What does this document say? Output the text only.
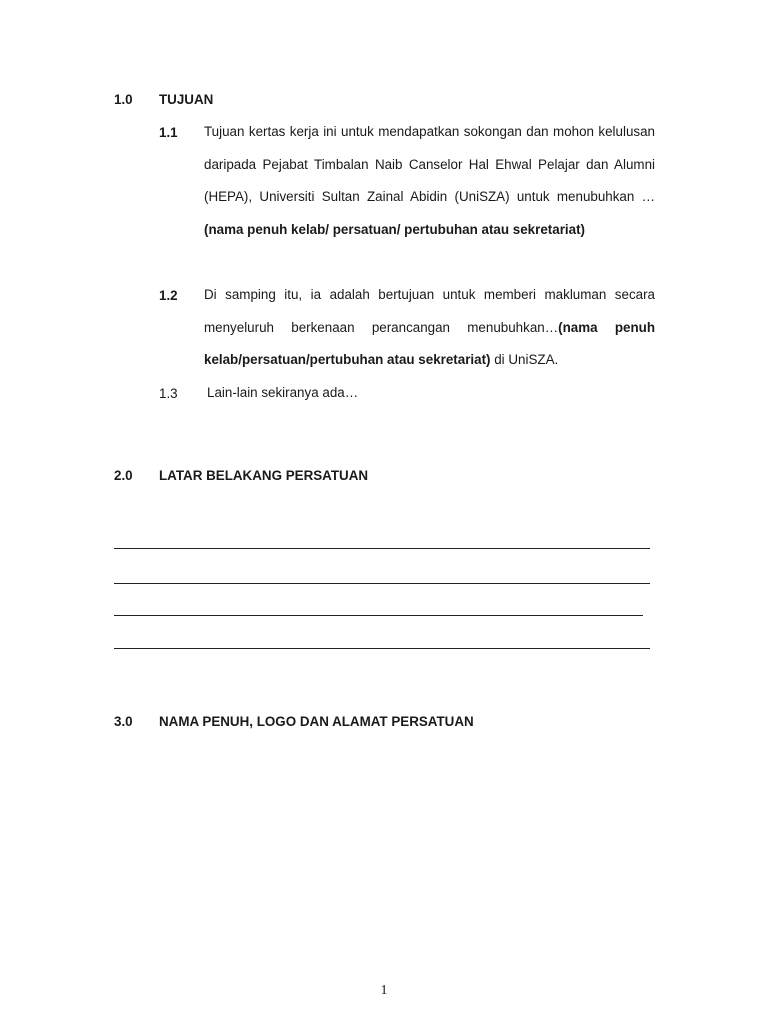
1.0 TUJUAN
1.1 Tujuan kertas kerja ini untuk mendapatkan sokongan dan mohon kelulusan daripada Pejabat Timbalan Naib Canselor Hal Ehwal Pelajar dan Alumni (HEPA), Universiti Sultan Zainal Abidin (UniSZA) untuk menubuhkan …(nama penuh kelab/ persatuan/ pertubuhan atau sekretariat)
1.2 Di samping itu, ia adalah bertujuan untuk memberi makluman secara menyeluruh berkenaan perancangan menubuhkan…(nama penuh kelab/persatuan/pertubuhan atau sekretariat) di UniSZA.
1.3 Lain-lain sekiranya ada…
2.0 LATAR BELAKANG PERSATUAN
3.0 NAMA PENUH, LOGO DAN ALAMAT PERSATUAN
1
